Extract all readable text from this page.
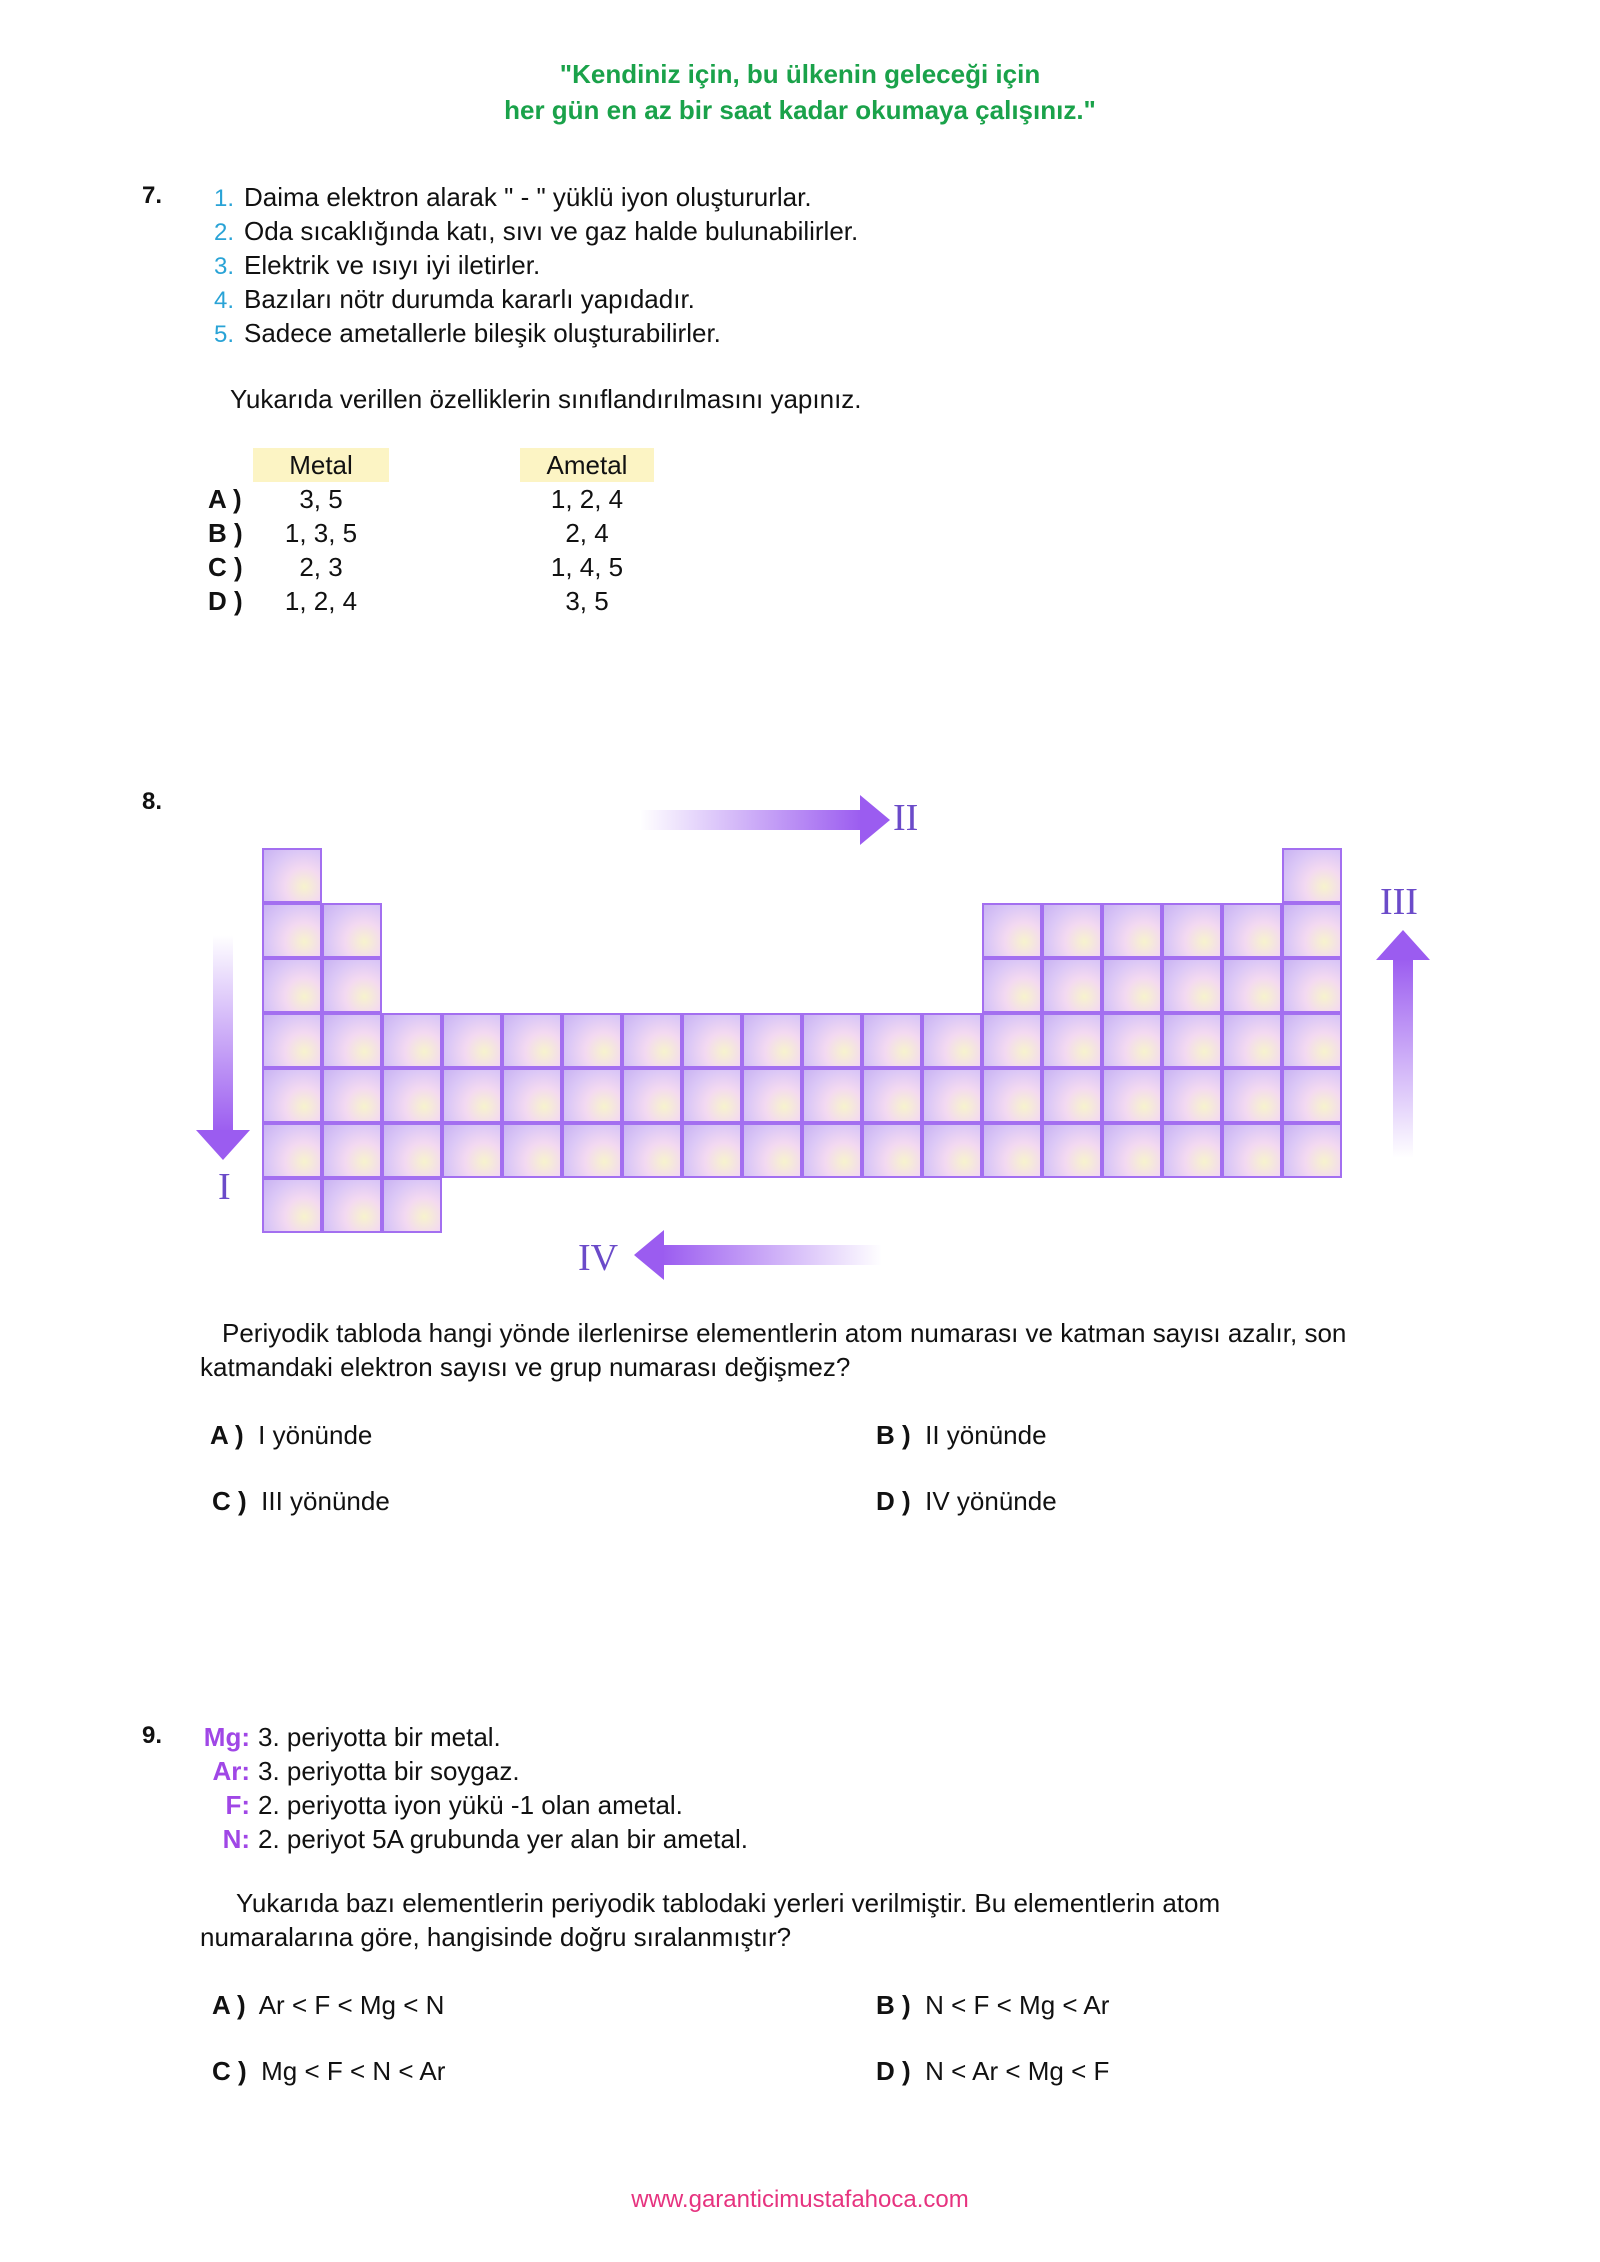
"Kendiniz için, bu ülkenin geleceği için
her gün en az bir saat kadar okumaya çalışınız."
7. 1. Daima elektron alarak " - " yüklü iyon oluştururlar.
2. Oda sıcaklığında katı, sıvı ve gaz halde bulunabilirler.
3. Elektrik ve ısıyı iyi iletirler.
4. Bazıları nötr durumda kararlı yapıdadır.
5. Sadece ametallerle bileşik oluşturabilirler.
Yukarıda verillen özelliklerin sınıflandırılmasını yapınız.
Metal	Ametal
A )	3, 5	1, 2, 4
B )	1, 3, 5	2, 4
C )	2, 3	1, 4, 5
D )	1, 2, 4	3, 5
8.
I
II
III
IV
Periyodik tabloda hangi yönde ilerlenirse elementlerin atom numarası ve katman sayısı azalır, son
katmandaki elektron sayısı ve grup numarası değişmez?
A ) I yönünde	B ) II yönünde
C ) III yönünde	D ) IV yönünde
9. Mg: 3. periyotta bir metal.
Ar: 3. periyotta bir soygaz.
F: 2. periyotta iyon yükü -1 olan ametal.
N: 2. periyot 5A grubunda yer alan bir ametal.
Yukarıda bazı elementlerin periyodik tablodaki yerleri verilmiştir. Bu elementlerin atom
numaralarına göre, hangisinde doğru sıralanmıştır?
A ) Ar < F < Mg < N	B ) N < F < Mg < Ar
C ) Mg < F < N < Ar	D ) N < Ar < Mg < F
www.garanticimustafahoca.com
